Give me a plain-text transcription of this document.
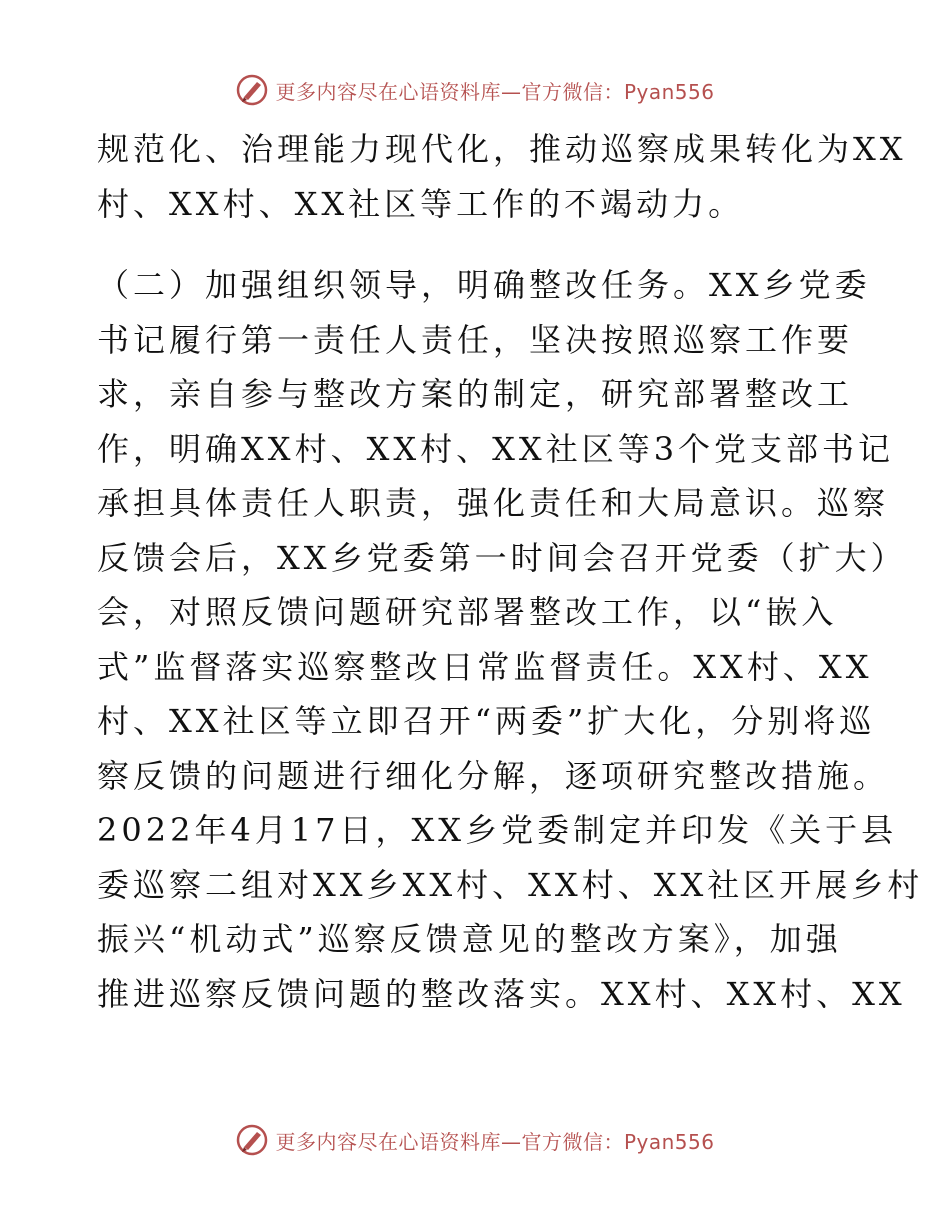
更多内容尽在心语资料库—官方微信：Pyan556
规范化、治理能力现代化，推动巡察成果转化为XX
村、XX村、XX社区等工作的不竭动力。
（二）加强组织领导，明确整改任务。XX乡党委
书记履行第一责任人责任，坚决按照巡察工作要
求，亲自参与整改方案的制定，研究部署整改工
作，明确XX村、XX村、XX社区等3个党支部书记
承担具体责任人职责，强化责任和大局意识。巡察
反馈会后，XX乡党委第一时间会召开党委（扩大）
会，对照反馈问题研究部署整改工作，以“嵌入
式”监督落实巡察整改日常监督责任。XX村、XX
村、XX社区等立即召开“两委”扩大化，分别将巡
察反馈的问题进行细化分解，逐项研究整改措施。
2022年4月17日，XX乡党委制定并印发《关于县
委巡察二组对XX乡XX村、XX村、XX社区开展乡村
振兴“机动式”巡察反馈意见的整改方案》，加强
推进巡察反馈问题的整改落实。XX村、XX村、XX
更多内容尽在心语资料库—官方微信：Pyan556
